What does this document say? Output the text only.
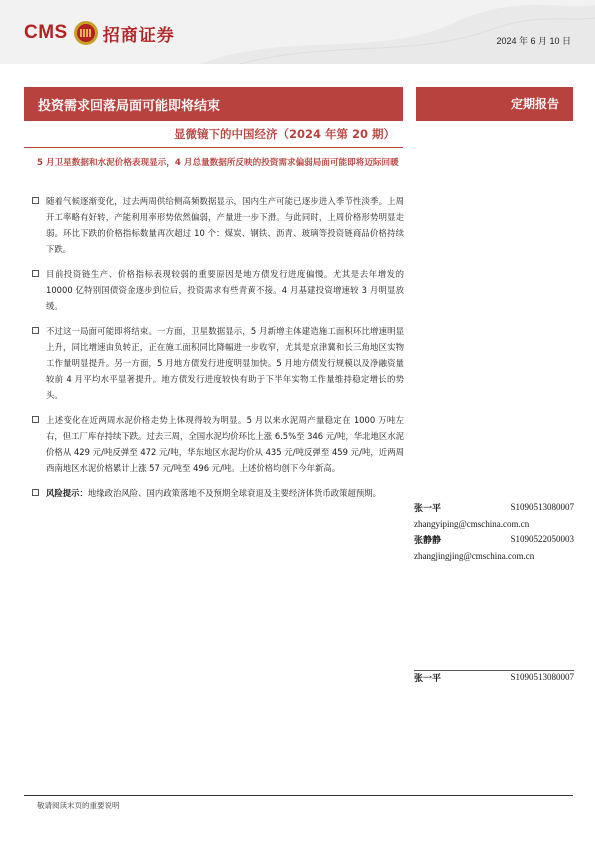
CMS 招商证券	2024 年 6 月 10 日
投资需求回落局面可能即将结束	定期报告
显微镜下的中国经济（2024 年第 20 期）
5 月卫星数据和水泥价格表现显示，4 月总量数据所反映的投资需求偏弱局面可能即将迈际回暖
随着气候逐渐变化，过去两周供给侧高频数据显示，国内生产可能已逐步进入季节性淡季。上周开工率略有好转，产能利用率形势依然偏弱，产量进一步下滑。与此同时，上周价格形势明显走弱。环比下跌的价格指标数量再次超过 10 个：煤炭、钢铁、沥青、玻璃等投资链商品价格持续下跌。
目前投资链生产、价格指标表现较弱的重要原因是地方债发行进度偏慢。尤其是去年增发的 10000 亿特别国债资金逐步到位后，投资需求有些青黄不接。4 月基建投资增速较 3 月明显放缓。
不过这一局面可能即将结束。一方面，卫星数据显示，5 月新增主体建造施工面积环比增速明显上升，同比增速由负转正，正在施工面积同比降幅进一步收窄，尤其是京津冀和长三角地区实物工作量明显提升。另一方面，5 月地方债发行进度明显加快。5 月地方债发行规模以及净融资量较前 4 月平均水平显著提升。地方债发行进度较快有助于下半年实物工作量维持稳定增长的势头。
上述变化在近两周水泥价格走势上体现得较为明显。5 月以来水泥周产量稳定在 1000 万吨左右，但工厂库存持续下跌。过去三周，全国水泥均价环比上涨 6.5%至 346 元/吨，华北地区水泥价格从 429 元/吨反弹至 472 元/吨，华东地区水泥均价从 435 元/吨反弹至 459 元/吨，近两周西南地区水泥价格累计上涨 57 元/吨至 496 元/吨。上述价格均创下今年新高。
风险提示：地缘政治风险、国内政策落地不及预期全球衰退及主要经济体货币政策超预期。
张一平	S1090513080007
zhangyiping@cmschina.com.cn
张静静	S1090522050003
zhangjingjing@cmschina.com.cn
张一平	S1090513080007
敬请阅读末页的重要说明
